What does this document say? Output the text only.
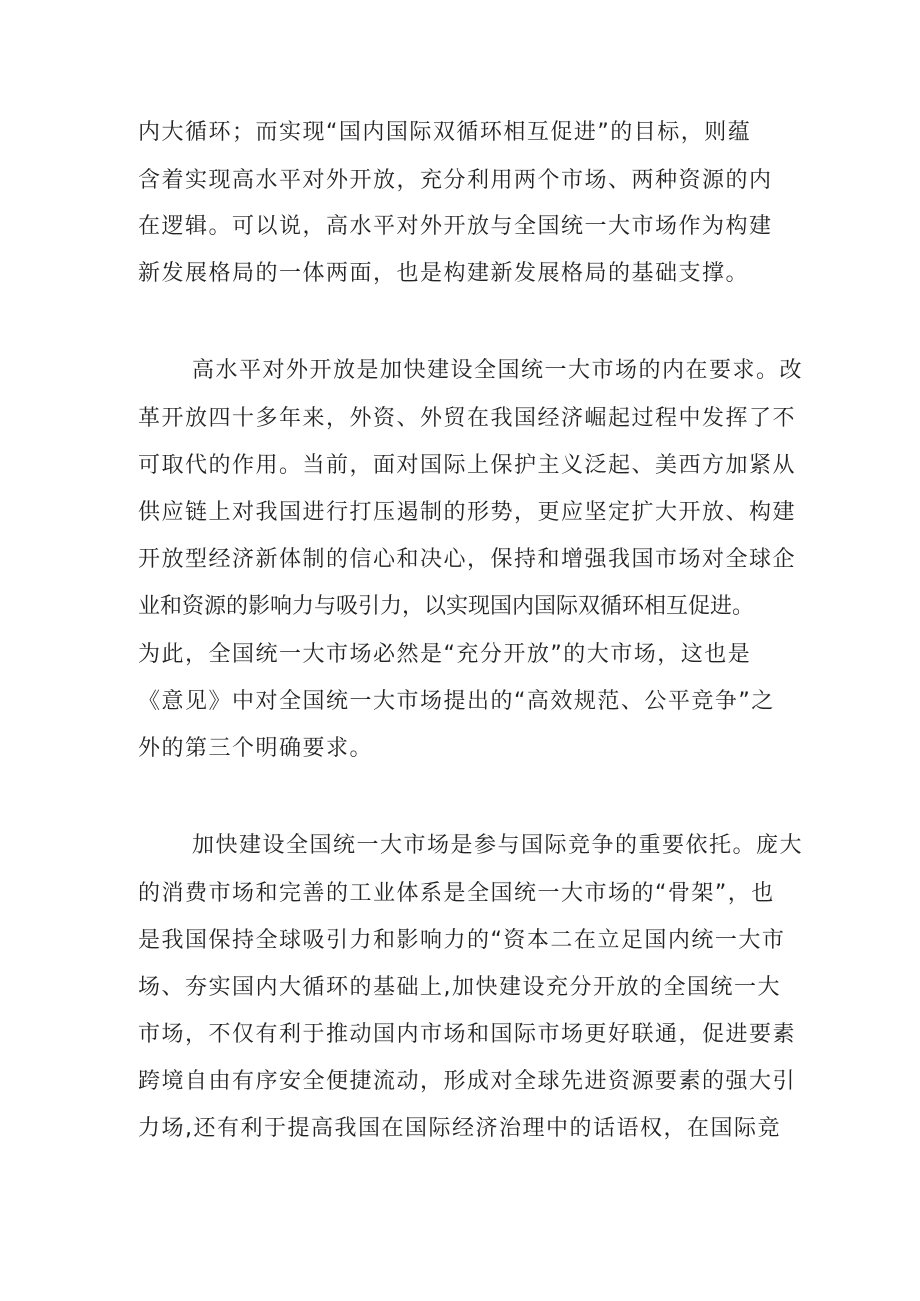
内大循环；而实现“国内国际双循环相互促进”的目标，则蕴

含着实现高水平对外开放，充分利用两个市场、两种资源的内

在逻辑。可以说，高水平对外开放与全国统一大市场作为构建

新发展格局的一体两面，也是构建新发展格局的基础支撑。

高水平对外开放是加快建设全国统一大市场的内在要求。改

革开放四十多年来，外资、外贸在我国经济崛起过程中发挥了不

可取代的作用。当前，面对国际上保护主义泛起、美西方加紧从

供应链上对我国进行打压遏制的形势，更应坚定扩大开放、构建

开放型经济新体制的信心和决心，保持和增强我国市场对全球企

业和资源的影响力与吸引力，以实现国内国际双循环相互促进。

为此，全国统一大市场必然是“充分开放”的大市场，这也是

《意见》中对全国统一大市场提出的“高效规范、公平竞争”之

外的第三个明确要求。

加快建设全国统一大市场是参与国际竞争的重要依托。庞大

的消费市场和完善的工业体系是全国统一大市场的“骨架”，也

是我国保持全球吸引力和影响力的“资本二在立足国内统一大市

场、夯实国内大循环的基础上,加快建设充分开放的全国统一大

市场，不仅有利于推动国内市场和国际市场更好联通，促进要素

跨境自由有序安全便捷流动，形成对全球先进资源要素的强大引

力场,还有利于提高我国在国际经济治理中的话语权，在国际竞
